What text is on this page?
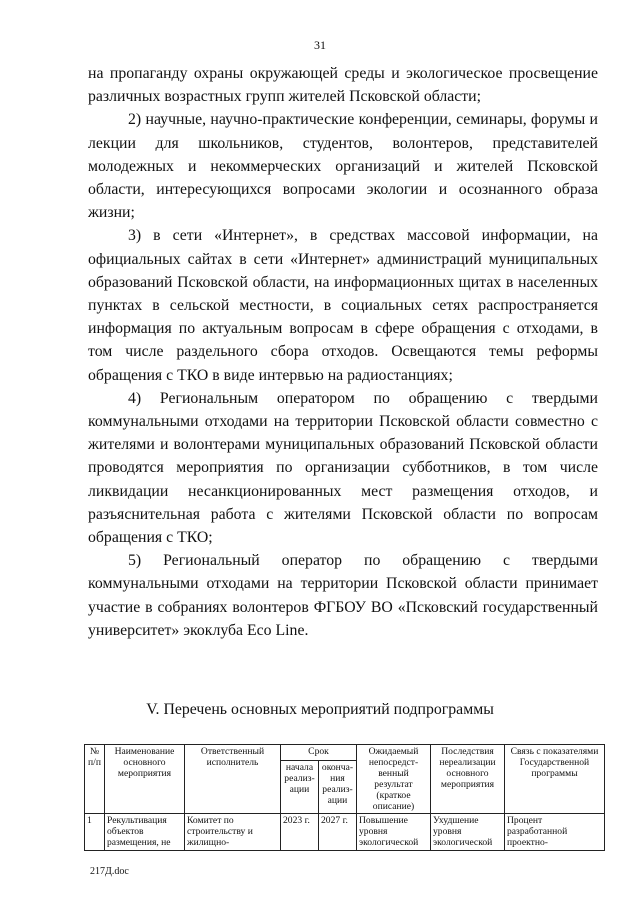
31

на пропаганду охраны окружающей среды и экологическое просвещение различных возрастных групп жителей Псковской области;

2) научные, научно-практические конференции, семинары, форумы и лекции для школьников, студентов, волонтеров, представителей молодежных и некоммерческих организаций и жителей Псковской области, интересующихся вопросами экологии и осознанного образа жизни;

3) в сети «Интернет», в средствах массовой информации, на официальных сайтах в сети «Интернет» администраций муниципальных образований Псковской области, на информационных щитах в населенных пунктах в сельской местности, в социальных сетях распространяется информация по актуальным вопросам в сфере обращения с отходами, в том числе раздельного сбора отходов. Освещаются темы реформы обращения с ТКО в виде интервью на радиостанциях;

4) Региональным оператором по обращению с твердыми коммунальными отходами на территории Псковской области совместно с жителями и волонтерами муниципальных образований Псковской области проводятся мероприятия по организации субботников, в том числе ликвидации несанкционированных мест размещения отходов, и разъяснительная работа с жителями Псковской области по вопросам обращения с ТКО;

5) Региональный оператор по обращению с твердыми коммунальными отходами на территории Псковской области принимает участие в собраниях волонтеров ФГБОУ ВО «Псковский государственный университет» экоклуба Eco Line.

V. Перечень основных мероприятий подпрограммы
№ п/п	Наименование основного мероприятия	Ответственный исполнитель	Срок		Ожидаемый непосредст-венный результат (краткое описание)	Последствия нереализации основного мероприятия	Связь с показателями Государственной программы
			начала реализ-ации	оконча-ния реализ-ации			

1	Рекультивация объектов размещения, не	Комитет по строительству и жилищно-	2023 г.	2027 г.	Повышение уровня экологической	Ухудшение уровня экологической	Процент разработанной проектно-
217Д.doc
